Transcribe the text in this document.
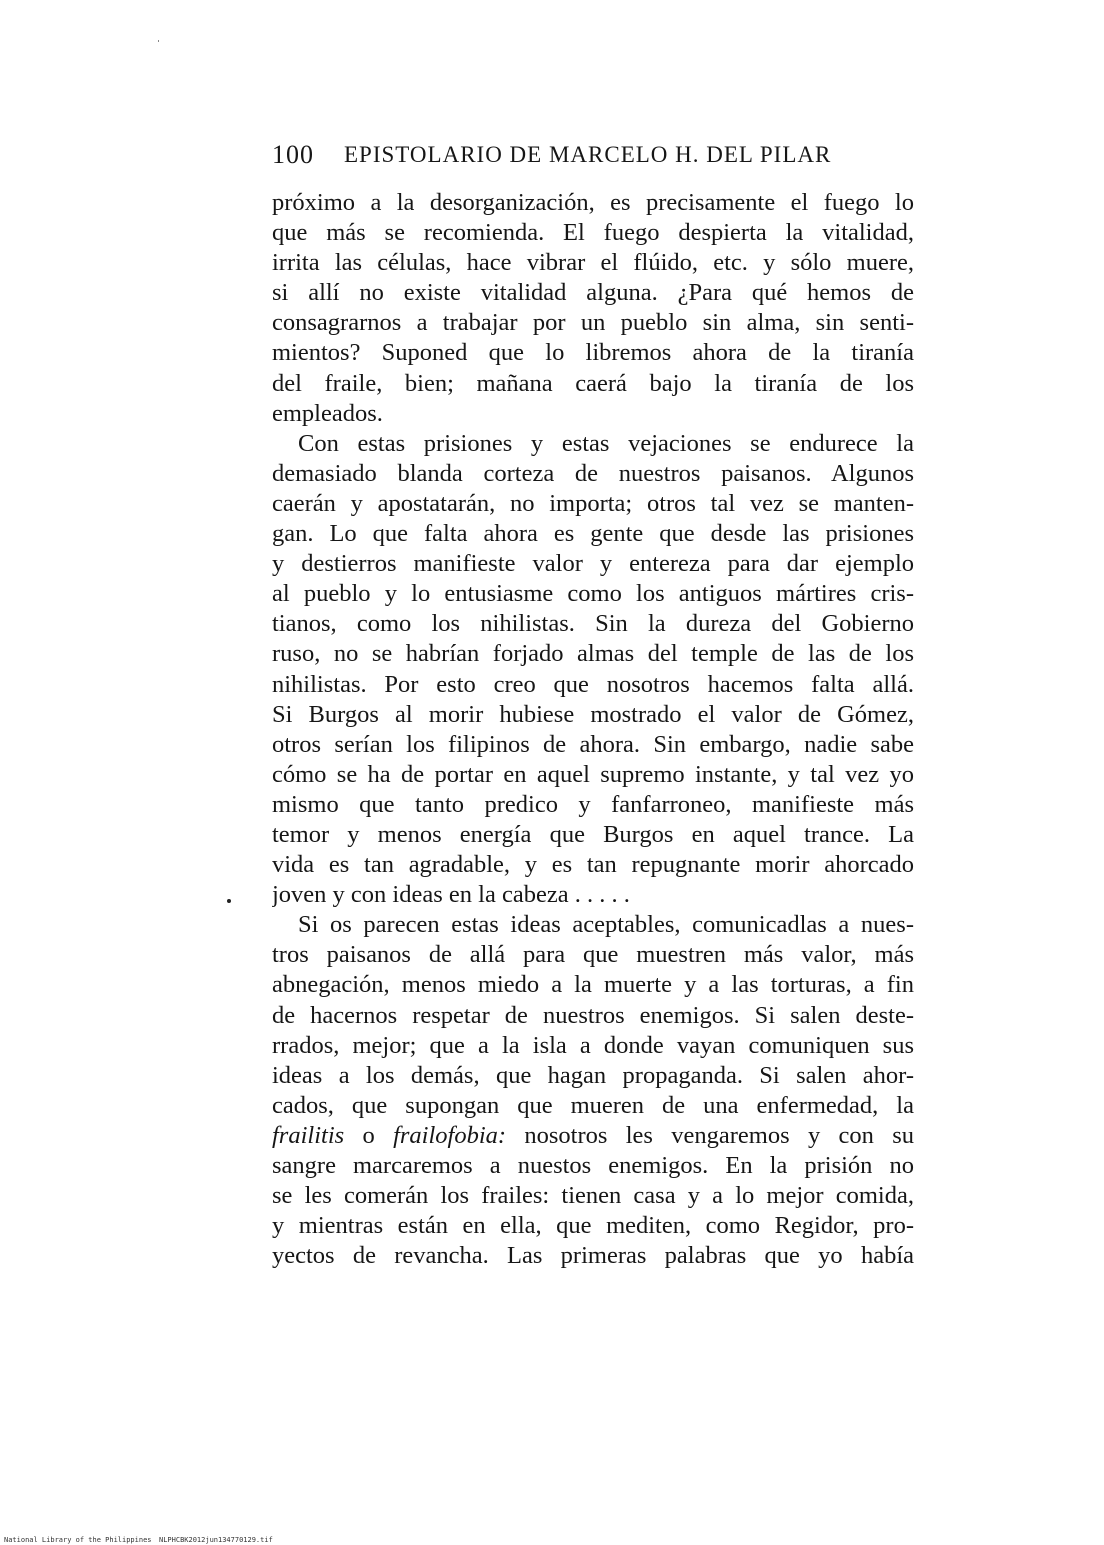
100 EPISTOLARIO DE MARCELO H. DEL PILAR

próximo a la desorganización, es precisamente el fuego lo
que más se recomienda. El fuego despierta la vitalidad,
irrita las células, hace vibrar el flúido, etc. y sólo muere,
si allí no existe vitalidad alguna. ¿Para qué hemos de
consagrarnos a trabajar por un pueblo sin alma, sin senti-
mientos? Suponed que lo libremos ahora de la tiranía
del fraile, bien; mañana caerá bajo la tiranía de los
empleados.

Con estas prisiones y estas vejaciones se endurece la
demasiado blanda corteza de nuestros paisanos. Algunos
caerán y apostatarán, no importa; otros tal vez se manten-
gan. Lo que falta ahora es gente que desde las prisiones
y destierros manifieste valor y entereza para dar ejemplo
al pueblo y lo entusiasme como los antiguos mártires cris-
tianos, como los nihilistas. Sin la dureza del Gobierno
ruso, no se habrían forjado almas del temple de las de los
nihilistas. Por esto creo que nosotros hacemos falta allá.
Si Burgos al morir hubiese mostrado el valor de Gómez,
otros serían los filipinos de ahora. Sin embargo, nadie sabe
cómo se ha de portar en aquel supremo instante, y tal vez yo
mismo que tanto predico y fanfarroneo, manifieste más
temor y menos energía que Burgos en aquel trance. La
vida es tan agradable, y es tan repugnante morir ahorcado
joven y con ideas en la cabeza . . . . .

Si os parecen estas ideas aceptables, comunicadlas a nues-
tros paisanos de allá para que muestren más valor, más
abnegación, menos miedo a la muerte y a las torturas, a fin
de hacernos respetar de nuestros enemigos. Si salen deste-
rrados, mejor; que a la isla a donde vayan comuniquen sus
ideas a los demás, que hagan propaganda. Si salen ahor-
cados, que supongan que mueren de una enfermedad, la
frailitis o frailofobia: nosotros les vengaremos y con su
sangre marcaremos a nuestos enemigos. En la prisión no
se les comerán los frailes: tienen casa y a lo mejor comida,
y mientras están en ella, que mediten, como Regidor, pro-
yectos de revancha. Las primeras palabras que yo había

National Library of the Philippines NLPHCBK2012jun134770129.tif
